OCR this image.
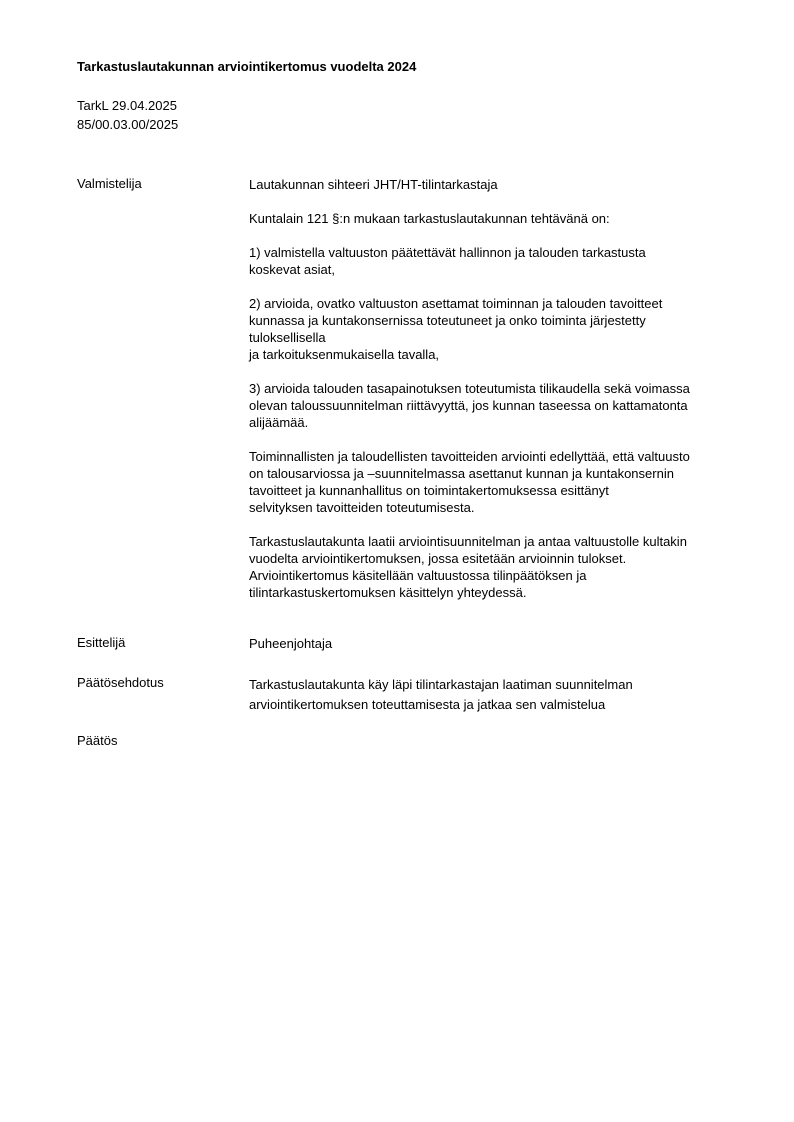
Tarkastuslautakunnan arviointikertomus vuodelta 2024
TarkL 29.04.2025
85/00.03.00/2025
Valmistelija	Lautakunnan sihteeri JHT/HT-tilintarkastaja

Kuntalain 121 §:n mukaan tarkastuslautakunnan tehtävänä on:

1) valmistella valtuuston päätettävät hallinnon ja talouden tarkastusta
koskevat asiat,

2) arvioida, ovatko valtuuston asettamat toiminnan ja talouden tavoitteet
kunnassa ja kuntakonsernissa toteutuneet ja onko toiminta järjestetty
tuloksellisella
ja tarkoituksenmukaisella tavalla,

3) arvioida talouden tasapainotuksen toteutumista tilikaudella sekä voimassa
olevan taloussuunnitelman riittävyyttä, jos kunnan taseessa on kattamatonta
alijäämää.

Toiminnallisten ja taloudellisten tavoitteiden arviointi edellyttää, että valtuusto
on talousarviossa ja –suunnitelmassa asettanut kunnan ja kuntakonsernin
tavoitteet ja kunnanhallitus on toimintakertomuksessa esittänyt
selvityksen tavoitteiden toteutumisesta.

Tarkastuslautakunta laatii arviointisuunnitelman ja antaa valtuustolle kultakin
vuodelta arviointikertomuksen, jossa esitetään arvioinnin tulokset.
Arviointikertomus käsitellään valtuustossa tilinpäätöksen ja
tilintarkastuskertomuksen käsittelyn yhteydessä.

Esittelijä	Puheenjohtaja
Päätösehdotus	Tarkastuslautakunta käy läpi tilintarkastajan laatiman suunnitelman
arviointikertomuksen toteuttamisesta ja jatkaa sen valmistelua

Päätös
